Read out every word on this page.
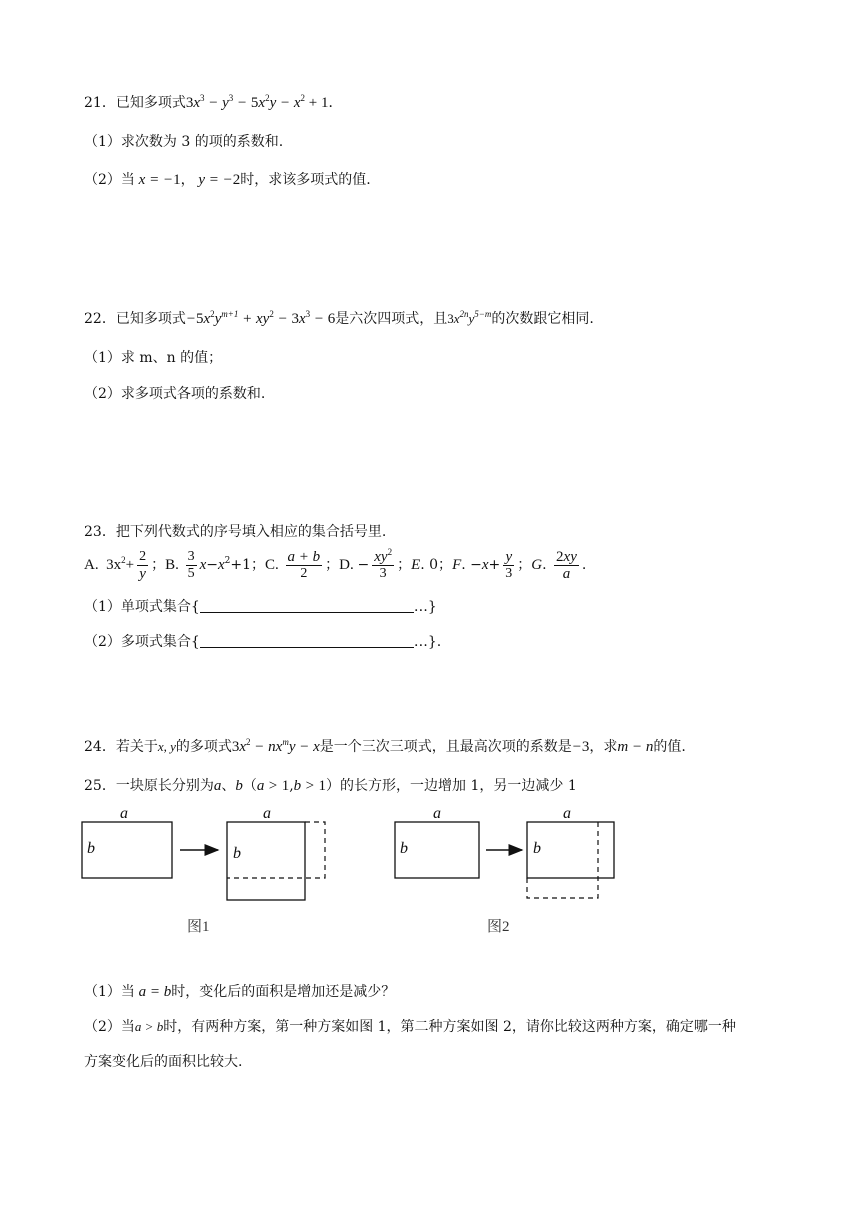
21．已知多项式$3x^3 - y^3 - 5x^2y - x^2 + 1$．
（1）求次数为 3 的项的系数和.
（2）当 x = −1， y = −2时，求该多项式的值.
22．已知多项式$-5x^2y^{m+1} + xy^2 - 3x^3 - 6$是六次四项式，且$3x^{2n}y^{5-m}$的次数跟它相同.
（1）求 m、n 的值；
（2）求多项式各项的系数和.
23．把下列代数式的序号填入相应的集合括号里.
A.  $3x^2+ \frac{2}{y}$ ；B. $\frac{3}{5} x-x^2+1$；C. $\frac{a + b}{2}$ ；D. − $\frac{xy^2}{3}$ ；E. 0；F. $-x+ \frac{y}{3}$ ；G. $\frac{2xy}{a}$ .
（1）单项式集合{	…}
（2）多项式集合{	…}.
24．若关于x, y的多项式$3x^2 - nx^my - x$是一个三次三项式，且最高次项的系数是−3，求m − n的值.
25．一块原长分别为a、b（a > 1,b > 1）的长方形，一边增加 1，另一边减少 1
a
b
a
b
图1
a
b
a
b
图2
（1）当 a = b时，变化后的面积是增加还是减少？
（2）当a > b时，有两种方案，第一种方案如图 1，第二种方案如图 2，请你比较这两种方案，确定哪一种
方案变化后的面积比较大.
